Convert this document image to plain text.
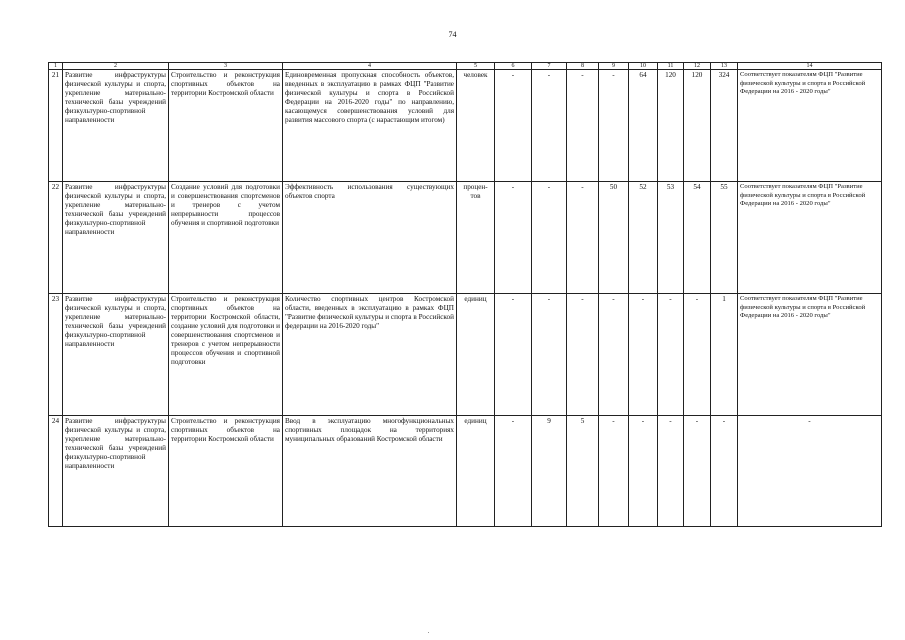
74
1	2	3	4	5	6	7	8	9	10	11	12	13	14
21	Развитие инфраструктуры физической культуры и спорта, укрепление материально-технической базы учреждений физкультурно-спортивной направленности	Строительство и реконструкция спортивных объектов на территории Костромской области	Единовременная пропускная способность объектов, введенных в эксплуатацию в рамках ФЦП "Развитие физической культуры и спорта в Российской Федерации на 2016-2020 годы" по направлению, касающемуся совершенствования условий для развития массового спорта (с нарастающим итогом)	человек	-	-	-	-	64	120	120	324	Соответствует показателям ФЦП "Развитие физической культуры и спорта в Российской Федерации на 2016 - 2020 годы"
22	Развитие инфраструктуры физической культуры и спорта, укрепление материально-технической базы учреждений физкультурно-спортивной направленности	Создание условий для подготовки и совершенствования спортсменов и тренеров с учетом непрерывности процессов обучения и спортивной подготовки	Эффективность использования существующих объектов спорта	процен-тов	-	-	-	50	52	53	54	55	Соответствует показателям ФЦП "Развитие физической культуры и спорта в Российской Федерации на 2016 - 2020 годы"
23	Развитие инфраструктуры физической культуры и спорта, укрепление материально-технической базы учреждений физкультурно-спортивной направленности	Строительство и реконструкция спортивных объектов на территории Костромской области, создание условий для подготовки и совершенствования спортсменов и тренеров с учетом непрерывности процессов обучения и спортивной подготовки	Количество спортивных центров Костромской области, введенных в эксплуатацию в рамках ФЦП "Развитие физической культуры и спорта в Российской федерации на 2016-2020 годы"	единиц	-	-	-	-	-	-	-	1	Соответствует показателям ФЦП "Развитие физической культуры и спорта в Российской Федерации на 2016 - 2020 годы"
24	Развитие инфраструктуры физической культуры и спорта, укрепление материально-технической базы учреждений физкультурно-спортивной направленности	Строительство и реконструкция спортивных объектов на территории Костромской области	Ввод в эксплуатацию многофункциональных спортивных площадок на территориях муниципальных образований Костромской области	единиц	-	9	5	-	-	-	-	-	-
